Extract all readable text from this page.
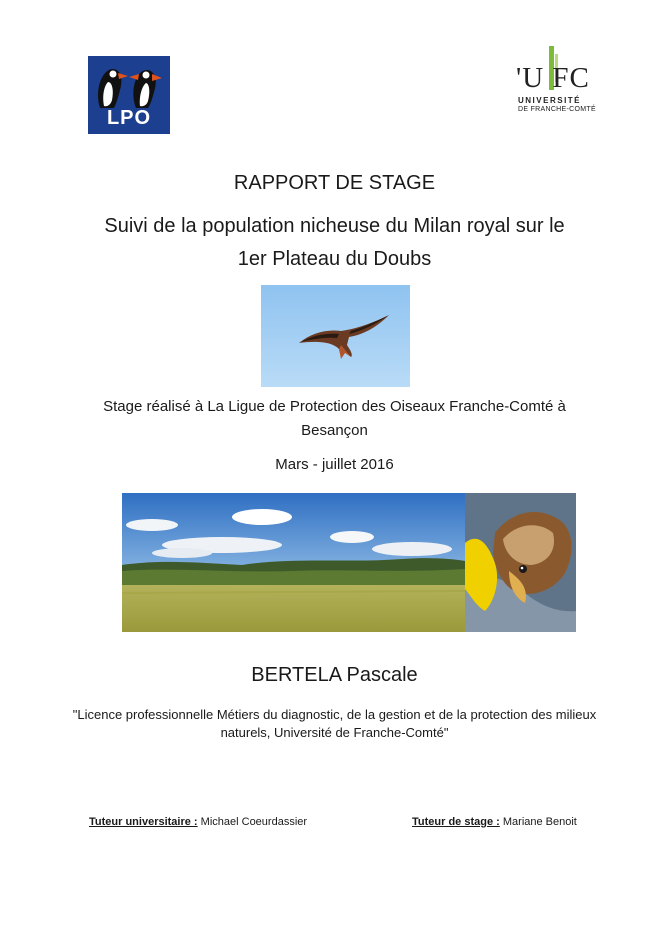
LPO
'U FC
UNIVERSITÉ
DE FRANCHE-COMTÉ
RAPPORT DE STAGE
Suivi de la population nicheuse du Milan royal sur le
1er Plateau du Doubs
Stage réalisé à La Ligue de Protection des Oiseaux Franche-Comté à
Besançon
Mars - juillet 2016
BERTELA Pascale
"Licence professionnelle Métiers du diagnostic, de la gestion et de la protection des milieux
naturels, Université de Franche-Comté"
Tuteur universitaire : Michael Coeurdassier	Tuteur de stage : Mariane Benoit
